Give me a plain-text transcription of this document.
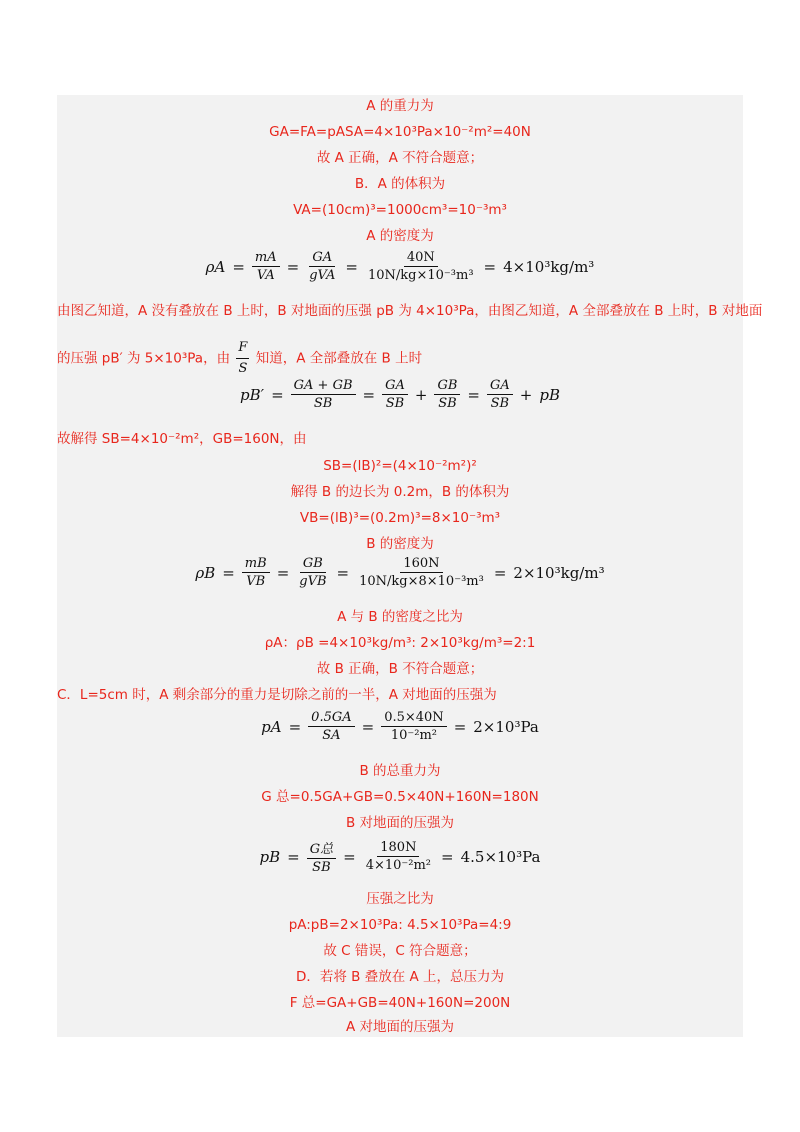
A 的重力为
GA=FA=pASA=4×10³Pa×10⁻²m²=40N
故 A 正确，A 不符合题意；
B．A 的体积为
VA=(10cm)³=1000cm³=10⁻³m³
A 的密度为
$\rho A = \frac{mA}{VA} = \frac{GA}{\text{gVA}} = \frac{40N}{\text{10N/kg×10⁻³m³}} = 4\times 10^3kg/m^3$
由图乙知道，A 没有叠放在 B 上时，B 对地面的压强 pB 为 4×10³Pa，由图乙知道，A 全部叠放在 B 上时，B 对地面
的压强 pB′ 为 5×10³Pa，由 $\frac{F}{S}$ 知道，A 全部叠放在 B 上时
$pB' = \frac{GA + GB}{SB} = \frac{GA}{SB} + \frac{GB}{SB} = \frac{GA}{SB}$ + pB
故解得 SB=4×10⁻²m²，GB=160N，由
SB=(lB)²=(4×10⁻²m²)²
解得 B 的边长为 0.2m，B 的体积为
VB=(lB)³=(0.2m)³=8×10⁻³m³
B 的密度为
$\rho B = \frac{mB}{VB} = \frac{GB}{\text{gVB}} = \frac{160N}{\text{10N/kg×8×10⁻³m³}} = 2\times 10^3kg/m^3$
A 与 B 的密度之比为
ρA：ρB =4×10³kg/m³: 2×10³kg/m³=2:1
故 B 正确，B 不符合题意；
C．L=5cm 时，A 剩余部分的重力是切除之前的一半，A 对地面的压强为
pA = $\frac{0.5GA}{SA} = \frac{0.5\times 40N}{\text{10⁻²m²}} = 2\times 10^3Pa$
B 的总重力为
G 总=0.5GA+GB=0.5×40N+160N=180N
B 对地面的压强为
pB = $\frac{\text{G总}}{SB} = \frac{180N}{\text{4×10⁻²m²}} = 4.5\times 10^3Pa$
压强之比为
pA:pB=2×10³Pa: 4.5×10³Pa=4:9
故 C 错误，C 符合题意；
D．若将 B 叠放在 A 上，总压力为
F 总=GA+GB=40N+160N=200N
A 对地面的压强为
